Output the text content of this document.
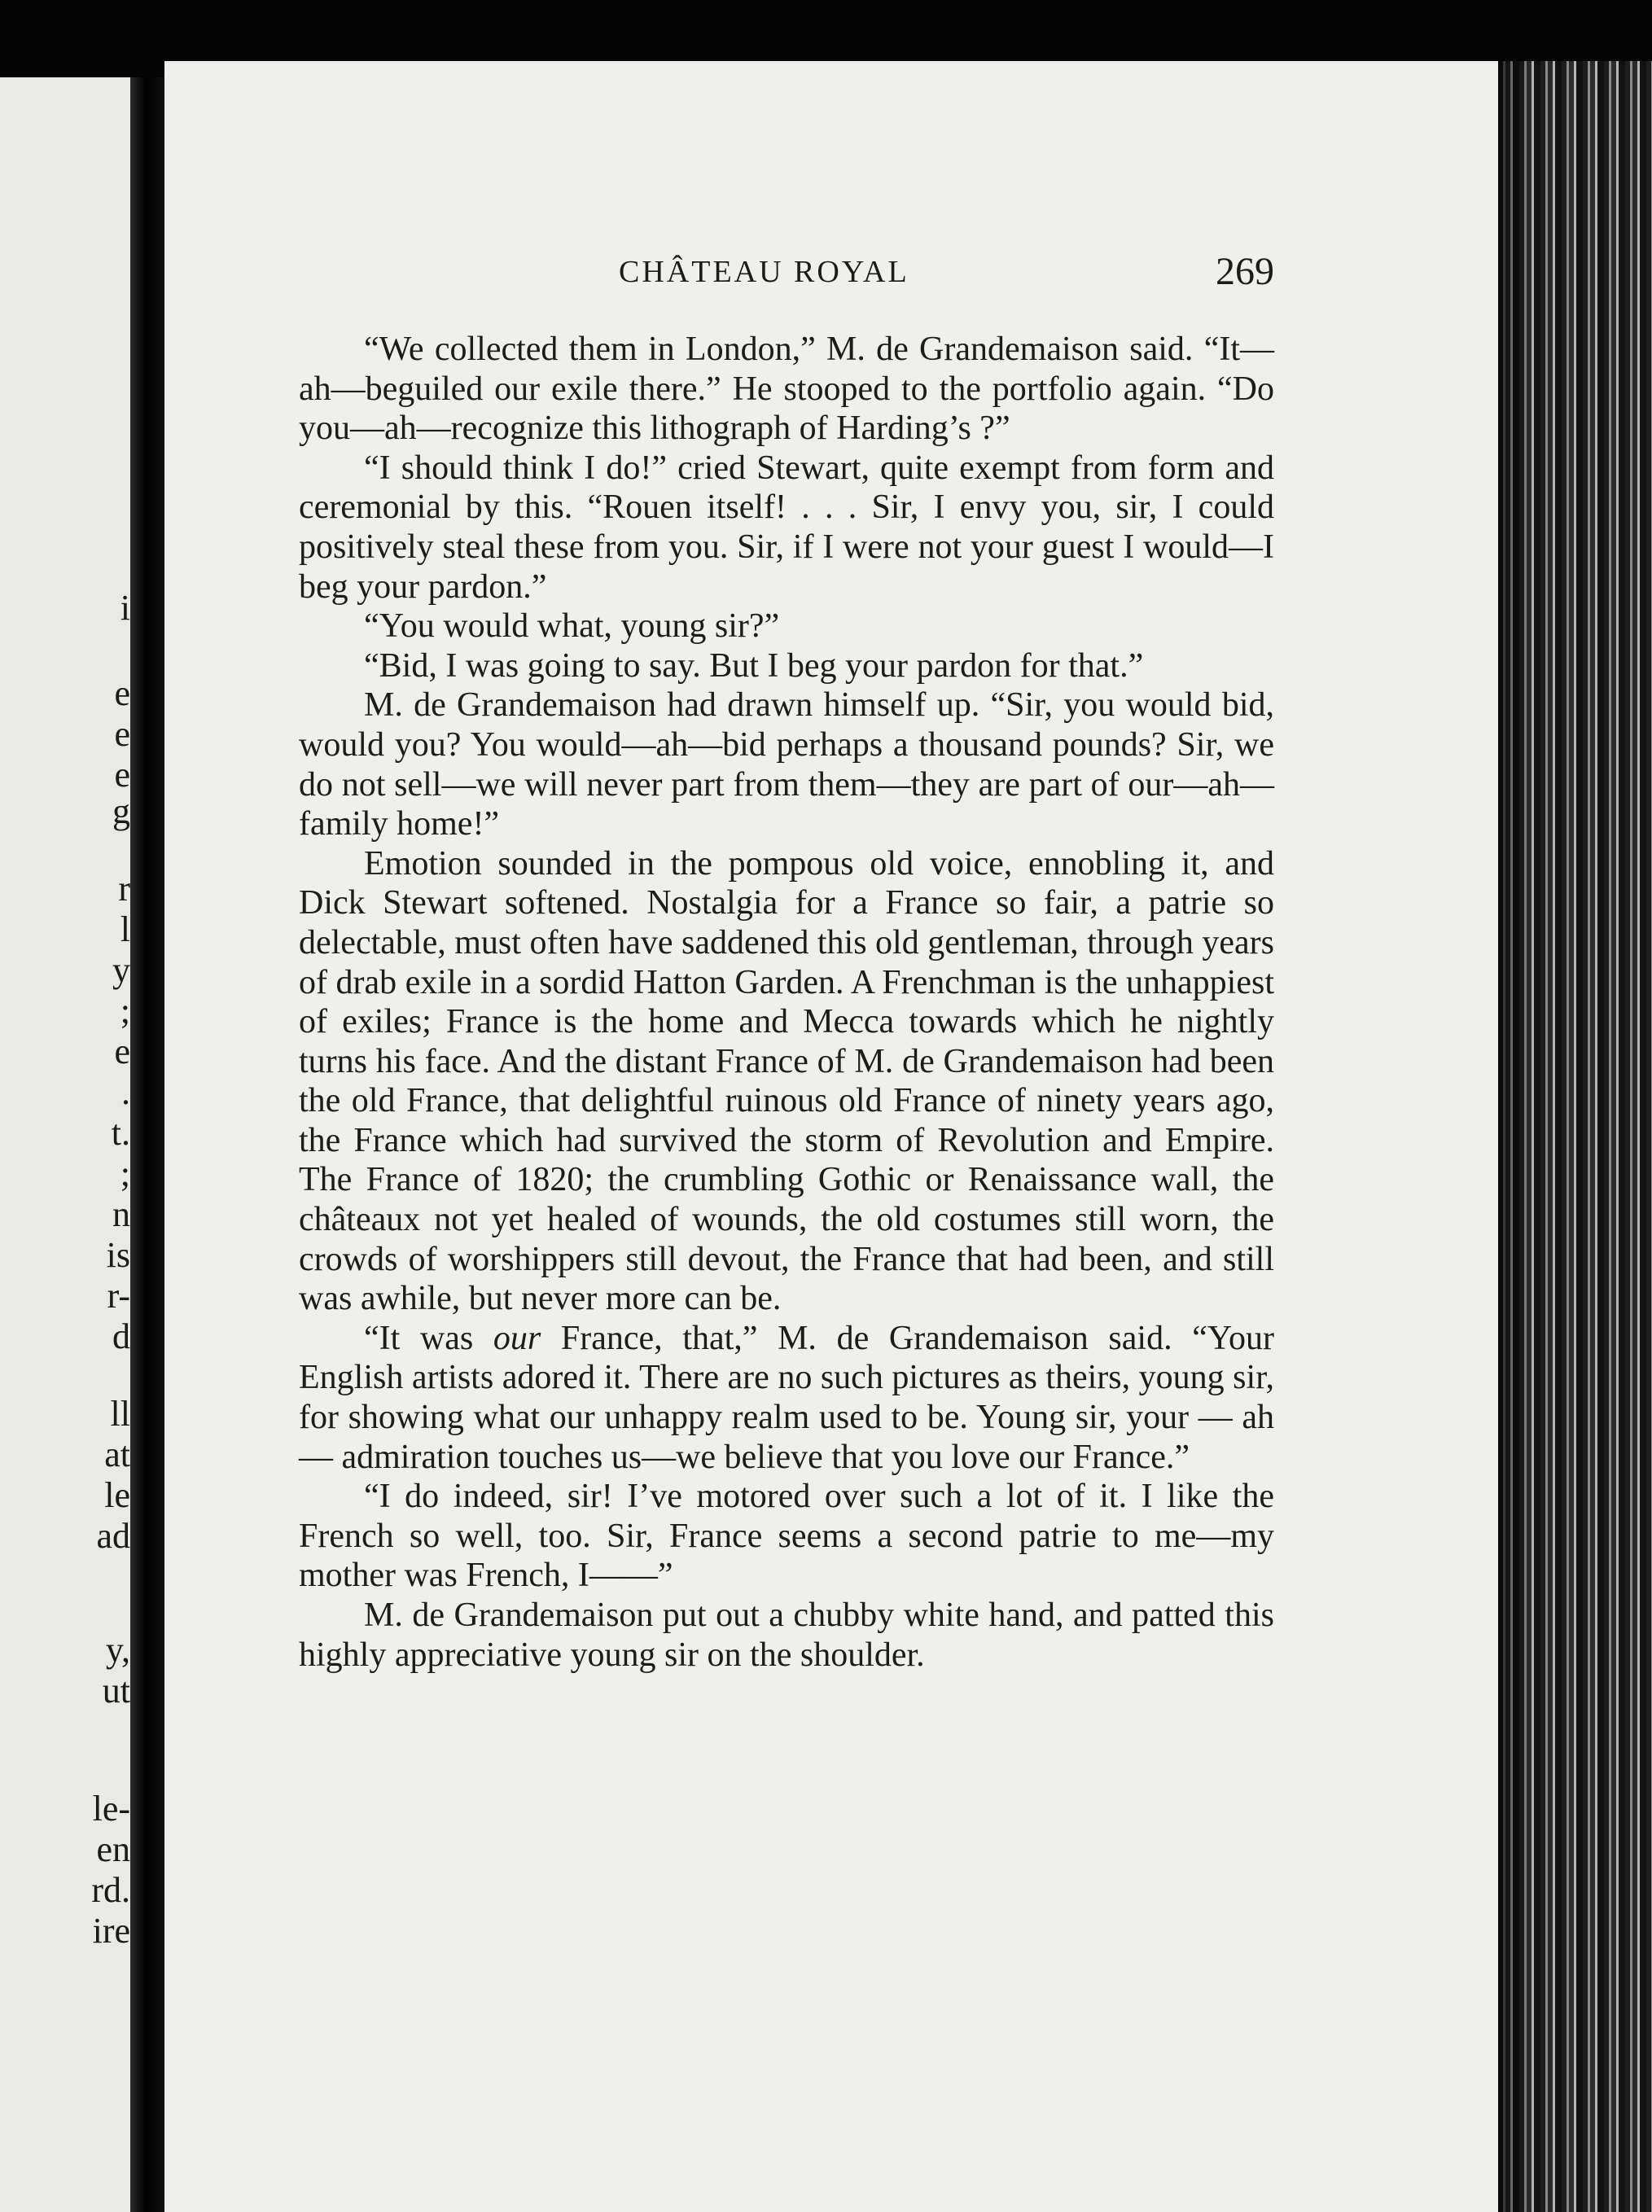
i
e
e
e
g
r
l
y
;
e
.
t.
;
n
is
r-
d
ll
at
le
ad
y,
ut
le-
en
rd.
ire
CHÂTEAU ROYAL	269

“We collected them in London,” M. de Grandemaison said. “It—ah—beguiled our exile there.” He stooped to the portfolio again. “Do you—ah—recognize this lithograph of Harding’s ?”

“I should think I do!” cried Stewart, quite exempt from form and ceremonial by this. “Rouen itself! . . . Sir, I envy you, sir, I could positively steal these from you. Sir, if I were not your guest I would—I beg your pardon.”

“You would what, young sir?”

“Bid, I was going to say. But I beg your pardon for that.”

M. de Grandemaison had drawn himself up. “Sir, you would bid, would you? You would—ah—bid perhaps a thousand pounds? Sir, we do not sell—we will never part from them—they are part of our—ah—family home!”

Emotion sounded in the pompous old voice, ennobling it, and Dick Stewart softened. Nostalgia for a France so fair, a patrie so delectable, must often have saddened this old gentleman, through years of drab exile in a sordid Hatton Garden. A Frenchman is the unhappiest of exiles; France is the home and Mecca towards which he nightly turns his face. And the distant France of M. de Grandemaison had been the old France, that delightful ruinous old France of ninety years ago, the France which had survived the storm of Revolution and Empire. The France of 1820; the crumbling Gothic or Renaissance wall, the châteaux not yet healed of wounds, the old costumes still worn, the crowds of worshippers still devout, the France that had been, and still was awhile, but never more can be.

“It was our France, that,” M. de Grandemaison said. “Your English artists adored it. There are no such pictures as theirs, young sir, for showing what our unhappy realm used to be. Young sir, your — ah — admiration touches us—we believe that you love our France.”

“I do indeed, sir! I’ve motored over such a lot of it. I like the French so well, too. Sir, France seems a second patrie to me—my mother was French, I——”

M. de Grandemaison put out a chubby white hand, and patted this highly appreciative young sir on the shoulder.
